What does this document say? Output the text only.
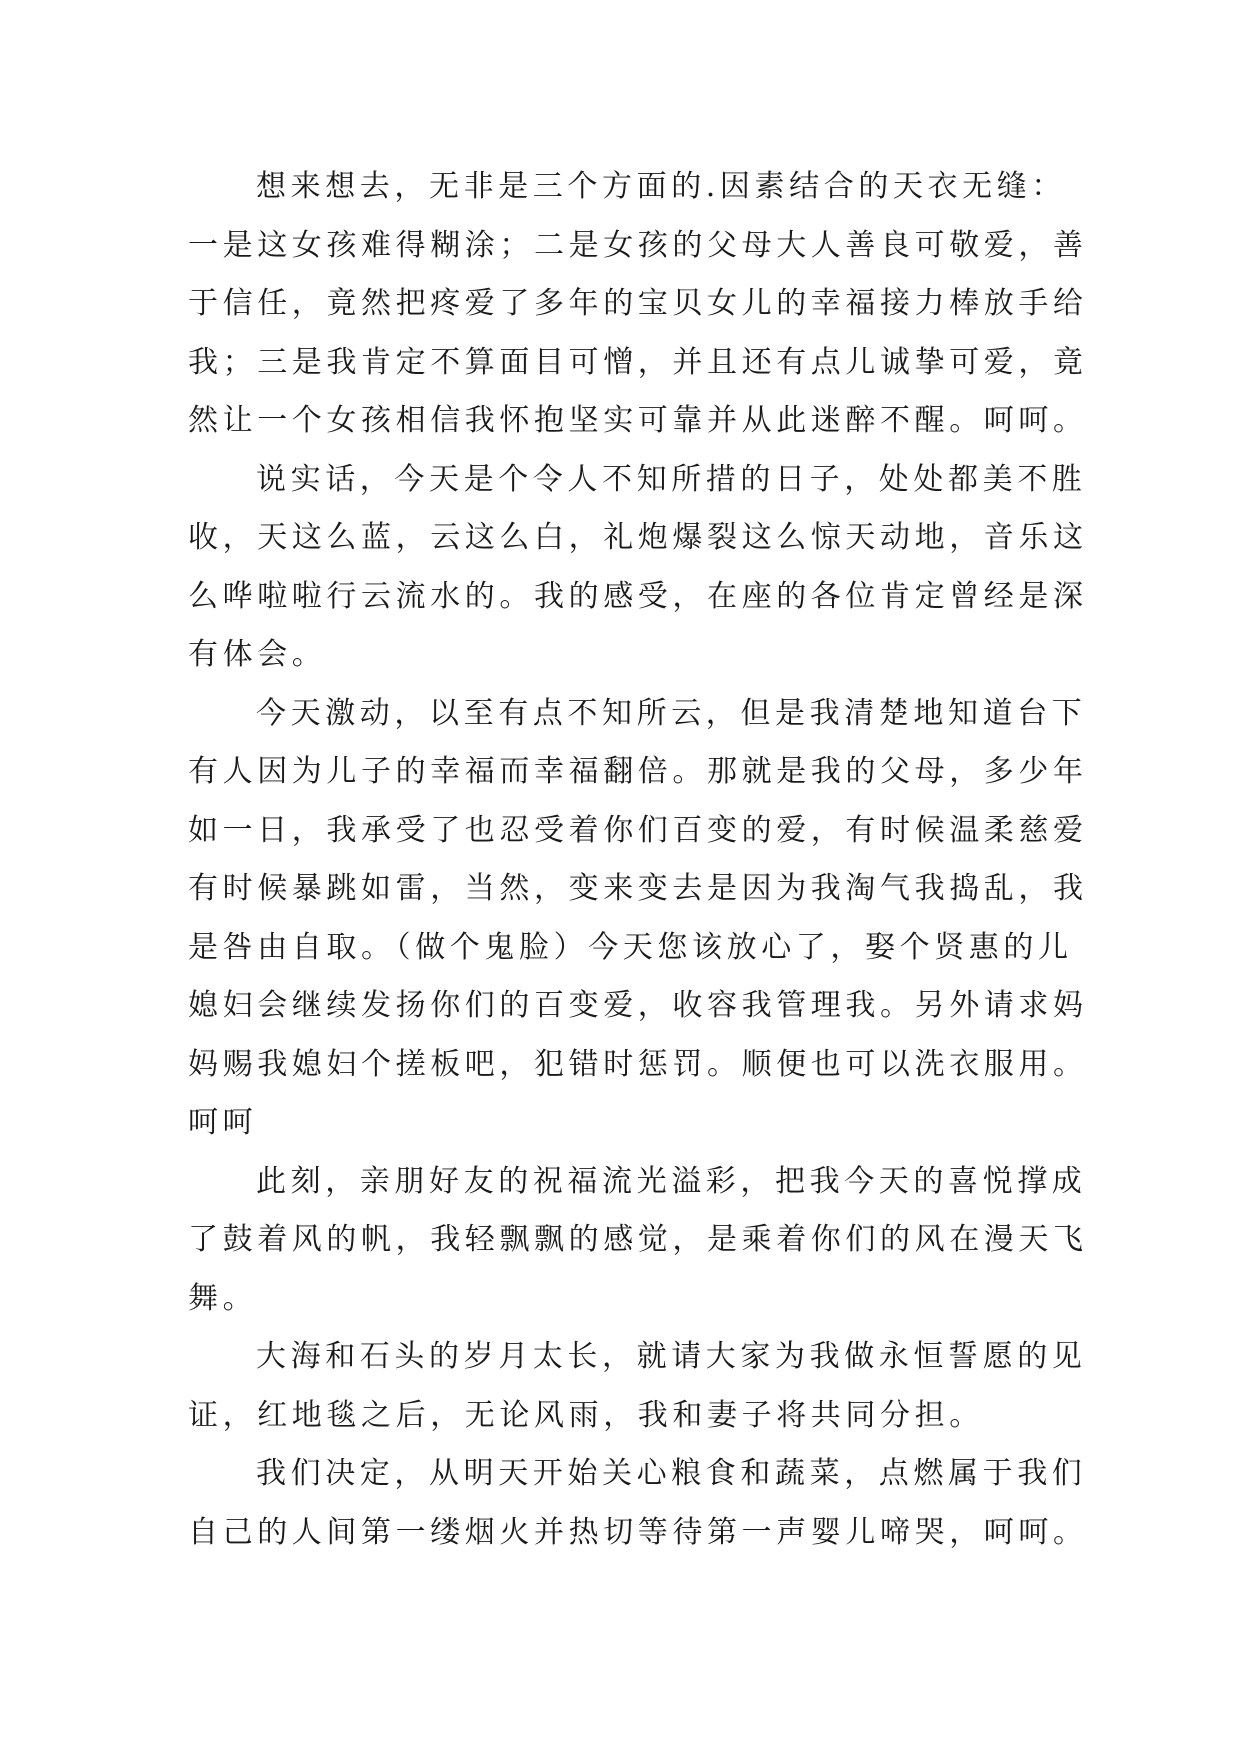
想来想去，无非是三个方面的.因素结合的天衣无缝：
一是这女孩难得糊涂；二是女孩的父母大人善良可敬爱，善
于信任，竟然把疼爱了多年的宝贝女儿的幸福接力棒放手给
我；三是我肯定不算面目可憎，并且还有点儿诚挚可爱，竟
然让一个女孩相信我怀抱坚实可靠并从此迷醉不醒。呵呵。
说实话，今天是个令人不知所措的日子，处处都美不胜
收，天这么蓝，云这么白，礼炮爆裂这么惊天动地，音乐这
么哗啦啦行云流水的。我的感受，在座的各位肯定曾经是深
有体会。
今天激动，以至有点不知所云，但是我清楚地知道台下
有人因为儿子的幸福而幸福翻倍。那就是我的父母，多少年
如一日，我承受了也忍受着你们百变的爱，有时候温柔慈爱
有时候暴跳如雷，当然，变来变去是因为我淘气我捣乱，我
是咎由自取。（做个鬼脸）今天您该放心了，娶个贤惠的儿
媳妇会继续发扬你们的百变爱，收容我管理我。另外请求妈
妈赐我媳妇个搓板吧，犯错时惩罚。顺便也可以洗衣服用。
呵呵
此刻，亲朋好友的祝福流光溢彩，把我今天的喜悦撑成
了鼓着风的帆，我轻飘飘的感觉，是乘着你们的风在漫天飞
舞。
大海和石头的岁月太长，就请大家为我做永恒誓愿的见
证，红地毯之后，无论风雨，我和妻子将共同分担。
我们决定，从明天开始关心粮食和蔬菜，点燃属于我们
自己的人间第一缕烟火并热切等待第一声婴儿啼哭，呵呵。
